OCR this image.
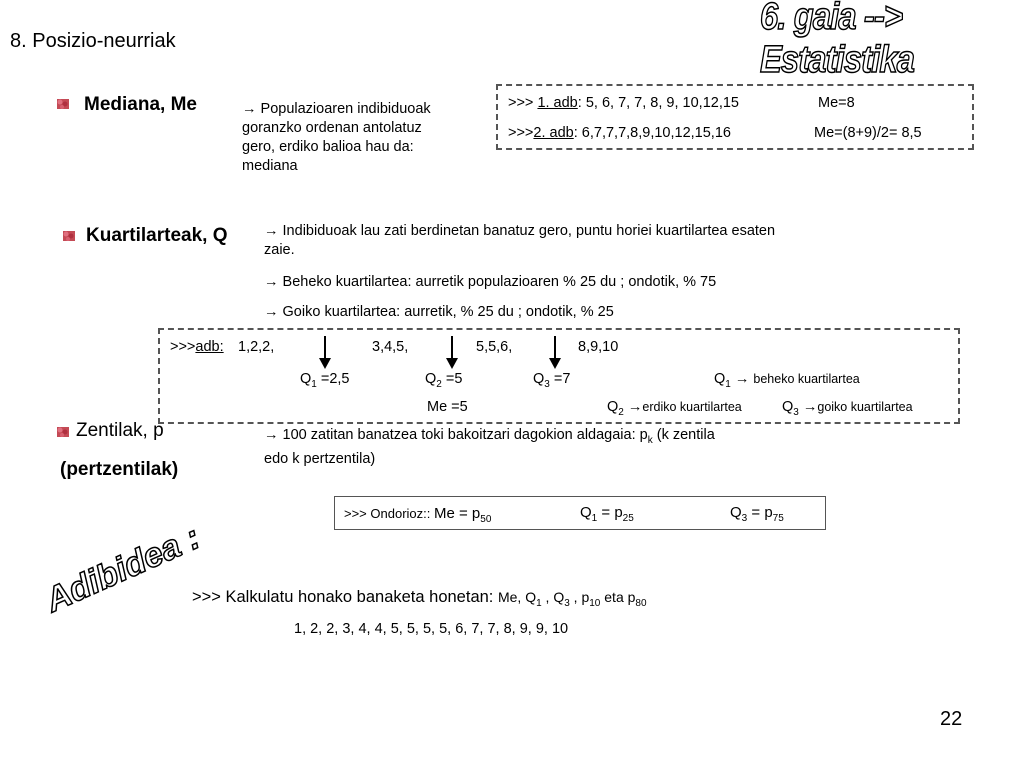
6. gaia --> Estatistika
8. Posizio-neurriak
Mediana, Me	→ Populazioaren indibiduoak
goranzko ordenan antolatuz
gero, erdiko balioa hau da:
mediana
>>> 1. adb: 5, 6, 7, 7, 8, 9, 10,12,15	Me=8
>>>2. adb: 6,7,7,7,8,9,10,12,15,16	Me=(8+9)/2= 8,5
Kuartilarteak, Q	→ Indibiduoak lau zati berdinetan banatuz gero, puntu horiei kuartilartea esaten
zaie.
→ Beheko kuartilartea: aurretik populazioaren % 25 du ; ondotik, % 75
→ Goiko kuartilartea: aurretik, % 25 du ; ondotik, % 25
>>>adb: 1,2,2,	3,4,5,	5,5,6,	8,9,10
$Q_1 =2,5$	$Q_2 =5$	$Q_3 =7$	$Q_1$ → beheko kuartilartea
Me =5	$Q_2$ →erdiko kuartilartea	$Q_3$ →goiko kuartilartea
Zentilak, p
(pertzentilak)
→ 100 zatitan banatzea toki bakoitzari dagokion aldagaia: $p_k$ (k zentila
edo k pertzentila)
>>> Ondorioz:: $Me = p_{50}$	$Q_1 = p_{25}$	$Q_3 = p_{75}$
Adibidea :
>>> Kalkulatu honako banaketa honetan: Me, $Q_1$ , $Q_3$ , $p_{10}$ eta $p_{80}$
1, 2, 2, 3, 4, 4, 5, 5, 5, 5, 6, 7, 7, 8, 9, 9, 10
22
